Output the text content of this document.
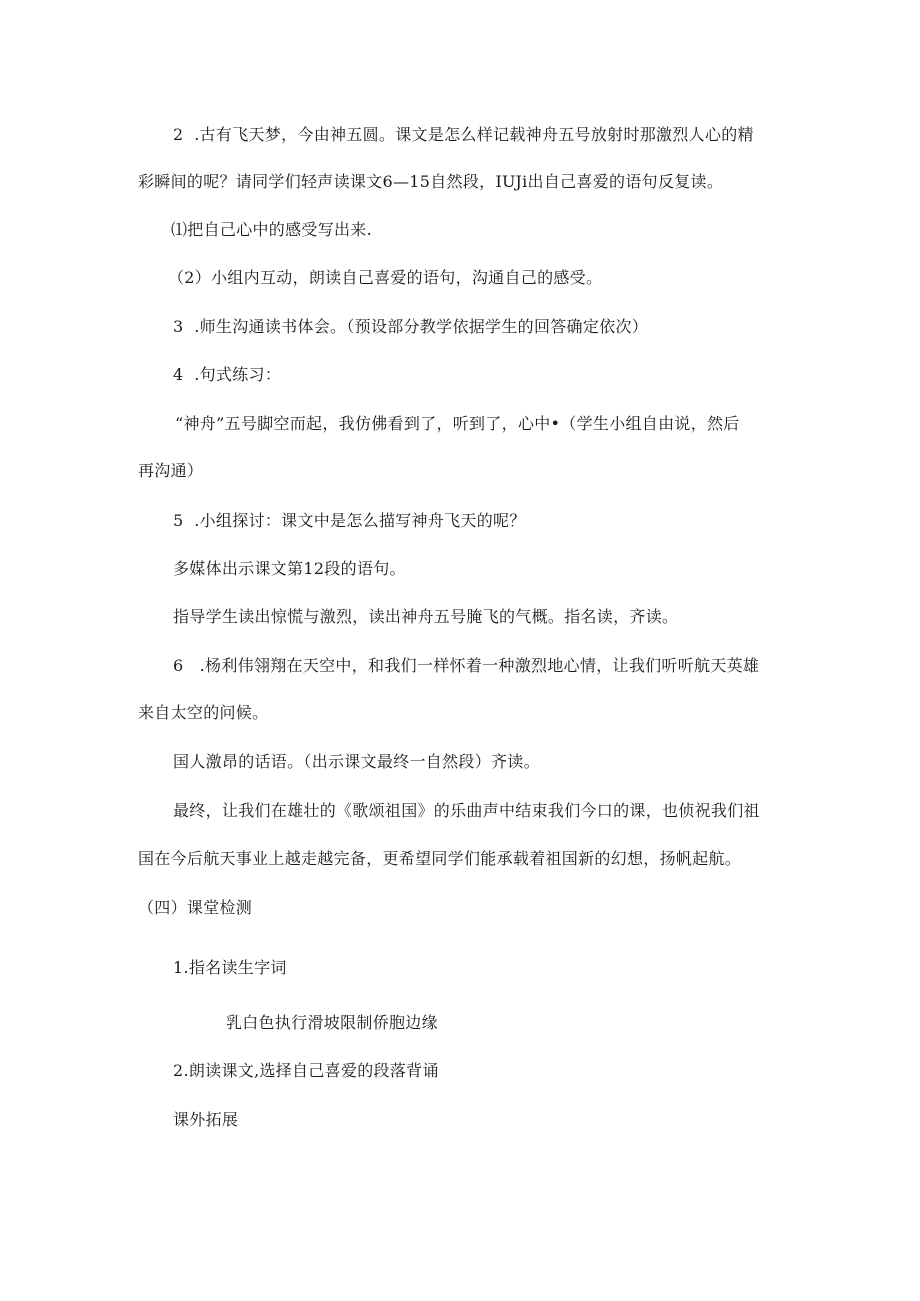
2  .古有飞天梦，今由神五圆。课文是怎么样记载神舟五号放射时那激烈人心的精
彩瞬间的呢？请同学们轻声读课文6—15自然段，IUJi出自己喜爱的语句反复读。
⑴把自己心中的感受写出来.
（2）小组内互动，朗读自己喜爱的语句，沟通自己的感受。
3  .师生沟通读书体会。（预设部分教学依据学生的回答确定依次）
4  .句式练习：
“神舟”五号脚空而起，我仿佛看到了，听到了，心中•（学生小组自由说，然后
再沟通）
5  .小组探讨：课文中是怎么描写神舟飞天的呢？
多媒体出示课文第12段的语句。
指导学生读出惊慌与激烈，读出神舟五号腌飞的气概。指名读，齐读。
6   .杨利伟翎翔在天空中，和我们一样怀着一种激烈地心情，让我们听听航天英雄
来自太空的问候。
国人激昂的话语。（出示课文最终一自然段）齐读。
最终，让我们在雄壮的《歌颂祖国》的乐曲声中结束我们今口的课，也侦祝我们祖
国在今后航天事业上越走越完备，更希望同学们能承载着祖国新的幻想，扬帆起航。
（四）课堂检测
1.指名读生字词
乳白色执行滑坡限制侨胞边缘
2.朗读课文,选择自己喜爱的段落背诵
课外拓展
